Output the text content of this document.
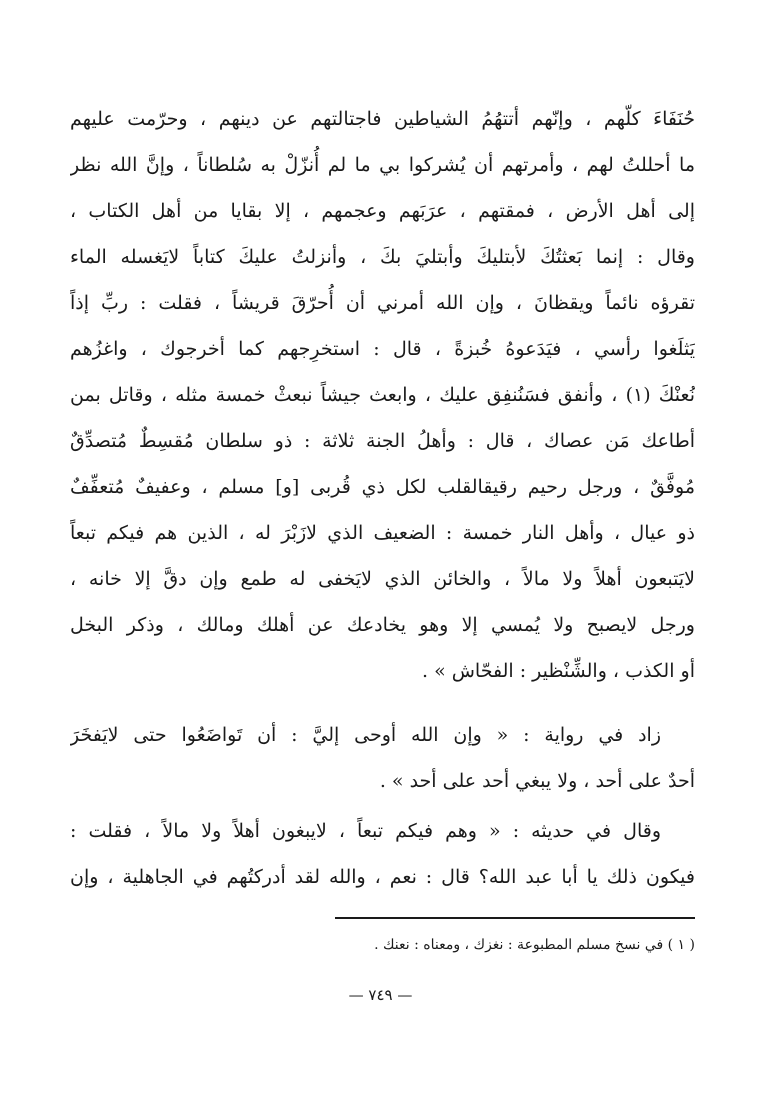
حُنَفَاءَ كلّهم ، وإنّهم أتتهُمُ الشياطين فاجتالتهم عن دينهم ، وحرّمت عليهم
ما أحللتُ لهم ، وأمرتهم أن يُشركوا بي ما لم أُنزّلْ به سُلطاناً ، وإنَّ الله نظر
إلى أهل الأرض ، فمقتهم ، عرَبَهم وعجمهم ، إلا بقايا من أهل الكتاب ،
وقال : إنما بَعثتُكَ لأبتليكَ وأبتليَ بكَ ، وأنزلتُ عليكَ كتاباً لايَغسله الماء
تقرؤه نائماً ويقظانَ ، وإن الله أمرني أن أُحرّقَ قريشاً ، فقلت : ربِّ إذاً
يَثلَغوا رأسي ، فيَدَعوهُ خُبزةً ، قال : استخرِجهم كما أخرجوك ، واغزُهم
نُعنْكَ (١) ، وأنفق فسَنُنفِق عليك ، وابعث جيشاً نبعثْ خمسة مثله ، وقاتل بمن
أطاعك مَن عصاك ، قال : وأهلُ الجنة ثلاثة : ذو سلطان مُقسِطٌ مُتصدِّقٌ
مُوفَّقٌ ، ورجل رحيم رقيقالقلب لكل ذي قُربى [و] مسلم ، وعفيفٌ مُتعفِّفٌ
ذو عيال ، وأهل النار خمسة : الضعيف الذي لازَبْرَ له ، الذين هم فيكم تبعاً
لايَتبعون أهلاً ولا مالاً ، والخائن الذي لايَخفى له طمع وإن دقَّ إلا خانه ،
ورجل لايصبح ولا يُمسي إلا وهو يخادعك عن أهلك ومالك ، وذكر البخل
أو الكذب ، والشِّنْظير : الفحّاش » .
زاد في رواية : « وإن الله أوحى إليَّ : أن تَواضَعُوا حتى لايَفخَرَ
أحدٌ على أحد ، ولا يبغي أحد على أحد » .
وقال في حديثه : « وهم فيكم تبعاً ، لايبغون أهلاً ولا مالاً ، فقلت :
فيكون ذلك يا أبا عبد الله؟ قال : نعم ، والله لقد أدركتُهم في الجاهلية ، وإن
( ١ ) في نسخ مسلم المطبوعة : نغزك ، ومعناه : نعنك .
— ٧٤٩ —
